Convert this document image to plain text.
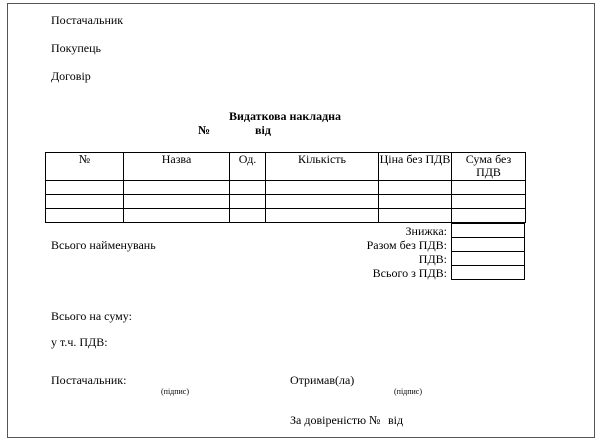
Постачальник
Покупець
Договір
Видаткова накладна
№	від
№	Назва	Од.	Кількість	Ціна без ПДВ	Сума без ПДВ

Всього найменувань
Знижка:
Разом без ПДВ:
ПДВ:
Всього з ПДВ:

Всього на суму:
у т.ч. ПДВ:
Постачальник:
(підпис)
Отримав(ла)
(підпис)
За довіреністю № від
